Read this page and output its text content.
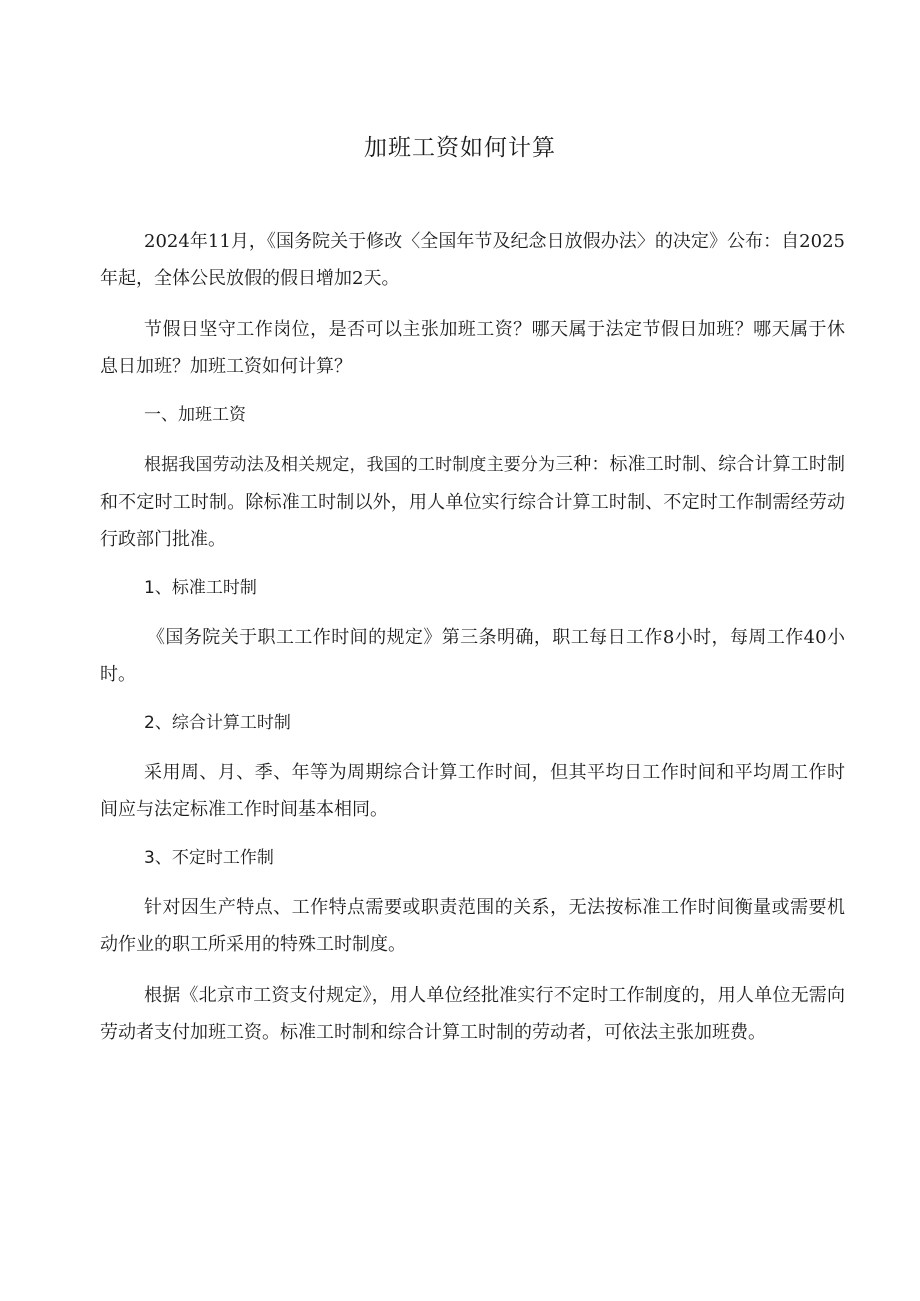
加班工资如何计算

2024年11月，《国务院关于修改〈全国年节及纪念日放假办法〉的决定》公布：自2025年起，全体公民放假的假日增加2天。

节假日坚守工作岗位，是否可以主张加班工资？哪天属于法定节假日加班？哪天属于休息日加班？加班工资如何计算？

一、加班工资

根据我国劳动法及相关规定，我国的工时制度主要分为三种：标准工时制、综合计算工时制和不定时工时制。除标准工时制以外，用人单位实行综合计算工时制、不定时工作制需经劳动行政部门批准。

1、标准工时制

《国务院关于职工工作时间的规定》第三条明确，职工每日工作8小时，每周工作40小时。

2、综合计算工时制

采用周、月、季、年等为周期综合计算工作时间，但其平均日工作时间和平均周工作时间应与法定标准工作时间基本相同。

3、不定时工作制

针对因生产特点、工作特点需要或职责范围的关系，无法按标准工作时间衡量或需要机动作业的职工所采用的特殊工时制度。

根据《北京市工资支付规定》，用人单位经批准实行不定时工作制度的，用人单位无需向劳动者支付加班工资。标准工时制和综合计算工时制的劳动者，可依法主张加班费。
